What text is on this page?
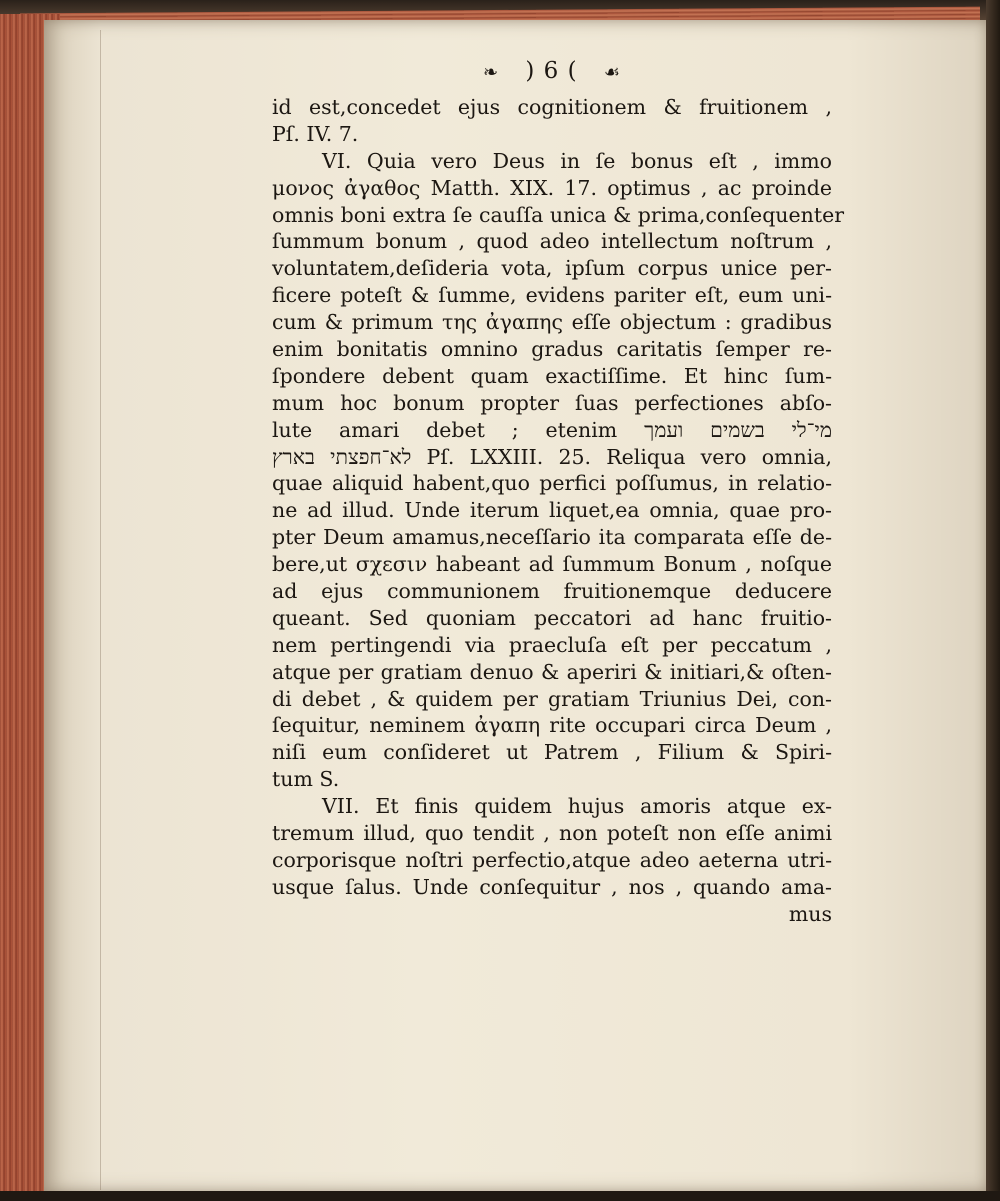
❧ ) 6 ( ☙
id est,concedet ejus cognitionem & fruitionem ,
Pſ. IV. 7.
VI. Quia vero Deus in ſe bonus eſt , immo
μονος ἀγαθος Matth. XIX. 17. optimus , ac proinde
omnis boni extra ſe cauſſa unica & prima,conſequenter
ſummum bonum , quod adeo intellectum noſtrum ,
voluntatem,deſideria vota, ipſum corpus unice per-
ficere poteſt & ſumme, evidens pariter eſt, eum uni-
cum & primum της ἀγαπης eſſe objectum : gradibus
enim bonitatis omnino gradus caritatis ſemper re-
ſpondere debent quam exactiſſime. Et hinc ſum-
mum hoc bonum propter ſuas perfectiones abſo-
lute amari debet ; etenim מי־לי בשמים ועמך
לא־חפצתי בארץ Pſ. LXXIII. 25. Reliqua vero omnia,
quae aliquid habent,quo perfici poſſumus, in relatio-
ne ad illud. Unde iterum liquet,ea omnia, quae pro-
pter Deum amamus,neceſſario ita comparata eſſe de-
bere,ut σχεσιν habeant ad ſummum Bonum , noſque
ad ejus communionem fruitionemque deducere
queant. Sed quoniam peccatori ad hanc fruitio-
nem pertingendi via praecluſa eſt per peccatum ,
atque per gratiam denuo & aperiri & initiari,& oſten-
di debet , & quidem per gratiam Triunius Dei, con-
ſequitur, neminem ἀγαπη rite occupari circa Deum ,
niſi eum conſideret ut Patrem , Filium & Spiri-
tum S.
VII. Et finis quidem hujus amoris atque ex-
tremum illud, quo tendit , non poteſt non eſſe animi
corporisque noſtri perfectio,atque adeo aeterna utri-
usque ſalus. Unde conſequitur , nos , quando ama-
mus
